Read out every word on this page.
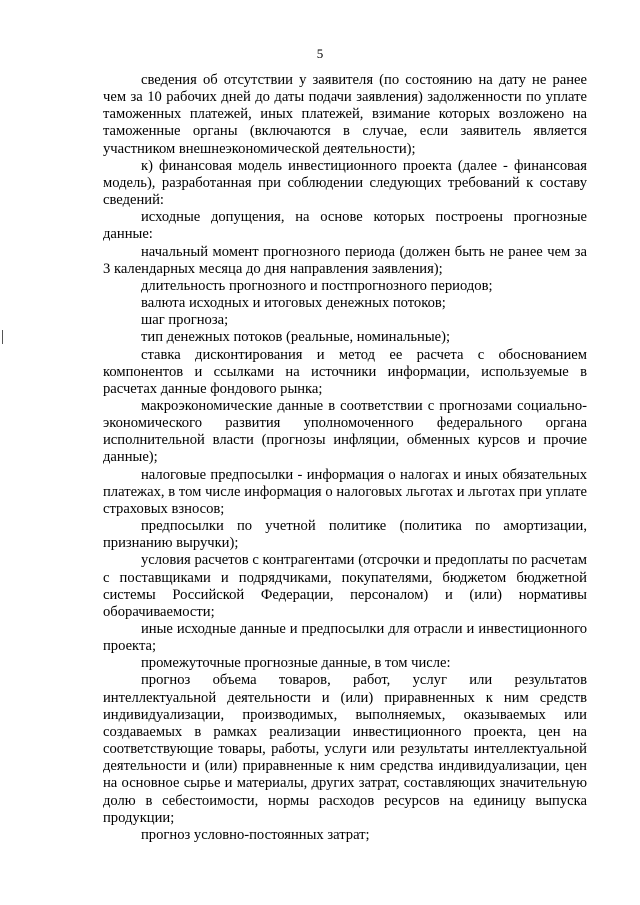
5

сведения об отсутствии у заявителя (по состоянию на дату не ранее чем за 10 рабочих дней до даты подачи заявления) задолженности по уплате таможенных платежей, иных платежей, взимание которых возложено на таможенные органы (включаются в случае, если заявитель является участником внешнеэкономической деятельности);

к) финансовая модель инвестиционного проекта (далее - финансовая модель), разработанная при соблюдении следующих требований к составу сведений:

исходные допущения, на основе которых построены прогнозные данные:

начальный момент прогнозного периода (должен быть не ранее чем за 3 календарных месяца до дня направления заявления);

длительность прогнозного и постпрогнозного периодов;

валюта исходных и итоговых денежных потоков;

шаг прогноза;

тип денежных потоков (реальные, номинальные);

ставка дисконтирования и метод ее расчета с обоснованием компонентов и ссылками на источники информации, используемые в расчетах данные фондового рынка;

макроэкономические данные в соответствии с прогнозами социально-экономического развития уполномоченного федерального органа исполнительной власти (прогнозы инфляции, обменных курсов и прочие данные);

налоговые предпосылки - информация о налогах и иных обязательных платежах, в том числе информация о налоговых льготах и льготах при уплате страховых взносов;

предпосылки по учетной политике (политика по амортизации, признанию выручки);

условия расчетов с контрагентами (отсрочки и предоплаты по расчетам с поставщиками и подрядчиками, покупателями, бюджетом бюджетной системы Российской Федерации, персоналом) и (или) нормативы оборачиваемости;

иные исходные данные и предпосылки для отрасли и инвестиционного проекта;

промежуточные прогнозные данные, в том числе:

прогноз объема товаров, работ, услуг или результатов интеллектуальной деятельности и (или) приравненных к ним средств индивидуализации, производимых, выполняемых, оказываемых или создаваемых в рамках реализации инвестиционного проекта, цен на соответствующие товары, работы, услуги или результаты интеллектуальной деятельности и (или) приравненные к ним средства индивидуализации, цен на основное сырье и материалы, других затрат, составляющих значительную долю в себестоимости, нормы расходов ресурсов на единицу выпуска продукции;

прогноз условно-постоянных затрат;
